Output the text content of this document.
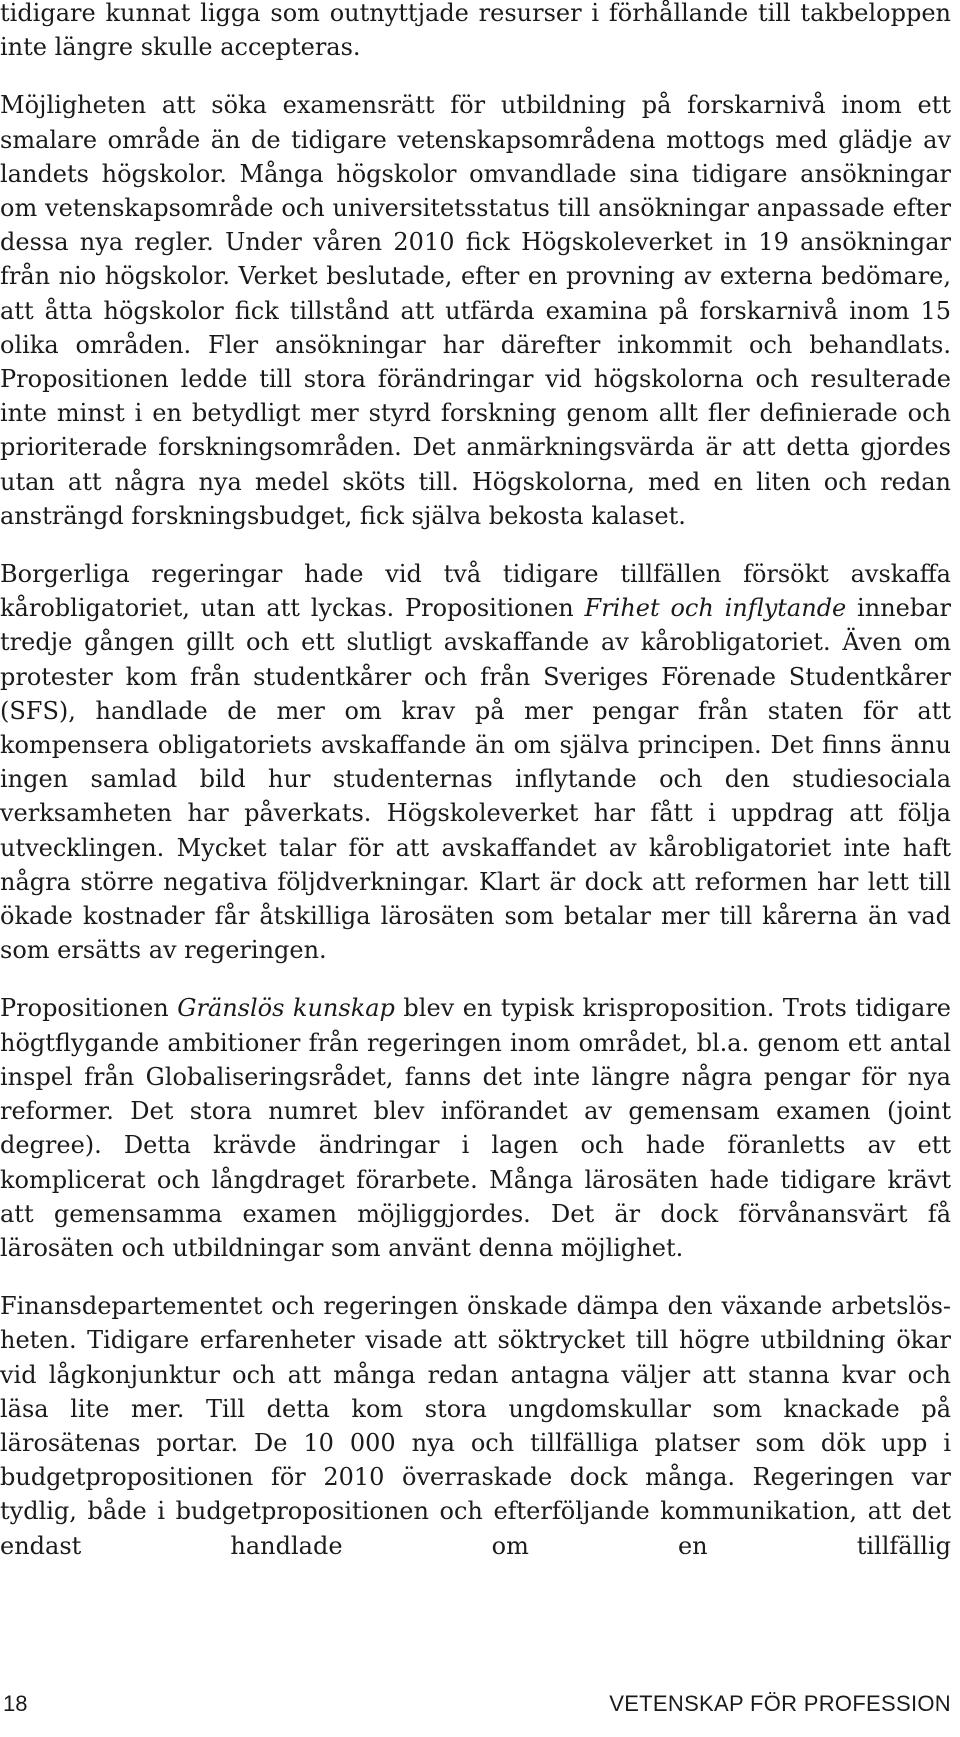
tidigare kunnat ligga som outnyttjade resurser i förhållande till takbeloppen inte längre skulle accepteras.

Möjligheten att söka examensrätt för utbildning på forskarnivå inom ett smalare område än de tidigare vetenskapsområdena mottogs med glädje av landets högskolor. Många högskolor omvandlade sina tidigare ansökningar om vetenskapsområde och universitetsstatus till ansökningar anpassade efter dessa nya regler. Under våren 2010 fick Högskoleverket in 19 ansökningar från nio högskolor. Verket beslutade, efter en provning av externa bedömare, att åtta högskolor fick tillstånd att utfärda examina på forskarnivå inom 15 olika områden. Fler ansökningar har därefter inkommit och behandlats. Propositionen ledde till stora förändringar vid högskolorna och resulterade inte minst i en betydligt mer styrd forskning genom allt fler definierade och prioriterade forskningsområden. Det anmärkningsvärda är att detta gjordes utan att några nya medel sköts till. Högskolorna, med en liten och redan ansträngd forskningsbudget, fick själva bekosta kalaset.

Borgerliga regeringar hade vid två tidigare tillfällen försökt avskaffa kårobligatoriet, utan att lyckas. Propositionen Frihet och inflytande innebar tredje gången gillt och ett slutligt avskaffande av kårobligatoriet. Även om protester kom från studentkårer och från Sveriges Förenade Studentkårer (SFS), handlade de mer om krav på mer pengar från staten för att kompensera obligatoriets avskaffande än om själva principen. Det finns ännu ingen samlad bild hur studenternas inflytande och den studiesociala verksamheten har påverkats. Högskoleverket har fått i uppdrag att följa utvecklingen. Mycket talar för att avskaffandet av kårobligatoriet inte haft några större negativa följdverkningar. Klart är dock att reformen har lett till ökade kostnader får åtskilliga lärosäten som betalar mer till kårerna än vad som ersätts av regeringen.

Propositionen Gränslös kunskap blev en typisk krisproposition. Trots tidigare högtflygande ambitioner från regeringen inom området, bl.a. genom ett antal inspel från Globaliseringsrådet, fanns det inte längre några pengar för nya reformer. Det stora numret blev införandet av gemensam examen (joint degree). Detta krävde ändringar i lagen och hade föranletts av ett komplicerat och långdraget förarbete. Många lärosäten hade tidigare krävt att gemensamma examen möjliggjordes. Det är dock förvånansvärt få lärosäten och utbildningar som använt denna möjlighet.

Finansdepartementet och regeringen önskade dämpa den växande arbetslösheten. Tidigare erfarenheter visade att söktrycket till högre utbildning ökar vid lågkonjunktur och att många redan antagna väljer att stanna kvar och läsa lite mer. Till detta kom stora ungdomskullar som knackade på lärosätenas portar. De 10 000 nya och tillfälliga platser som dök upp i budgetpropositionen för 2010 överraskade dock många. Regeringen var tydlig, både i budgetpropositionen och efterföljande kommunikation, att det endast handlade om en tillfällig

18	VETENSKAP FÖR PROFESSION
